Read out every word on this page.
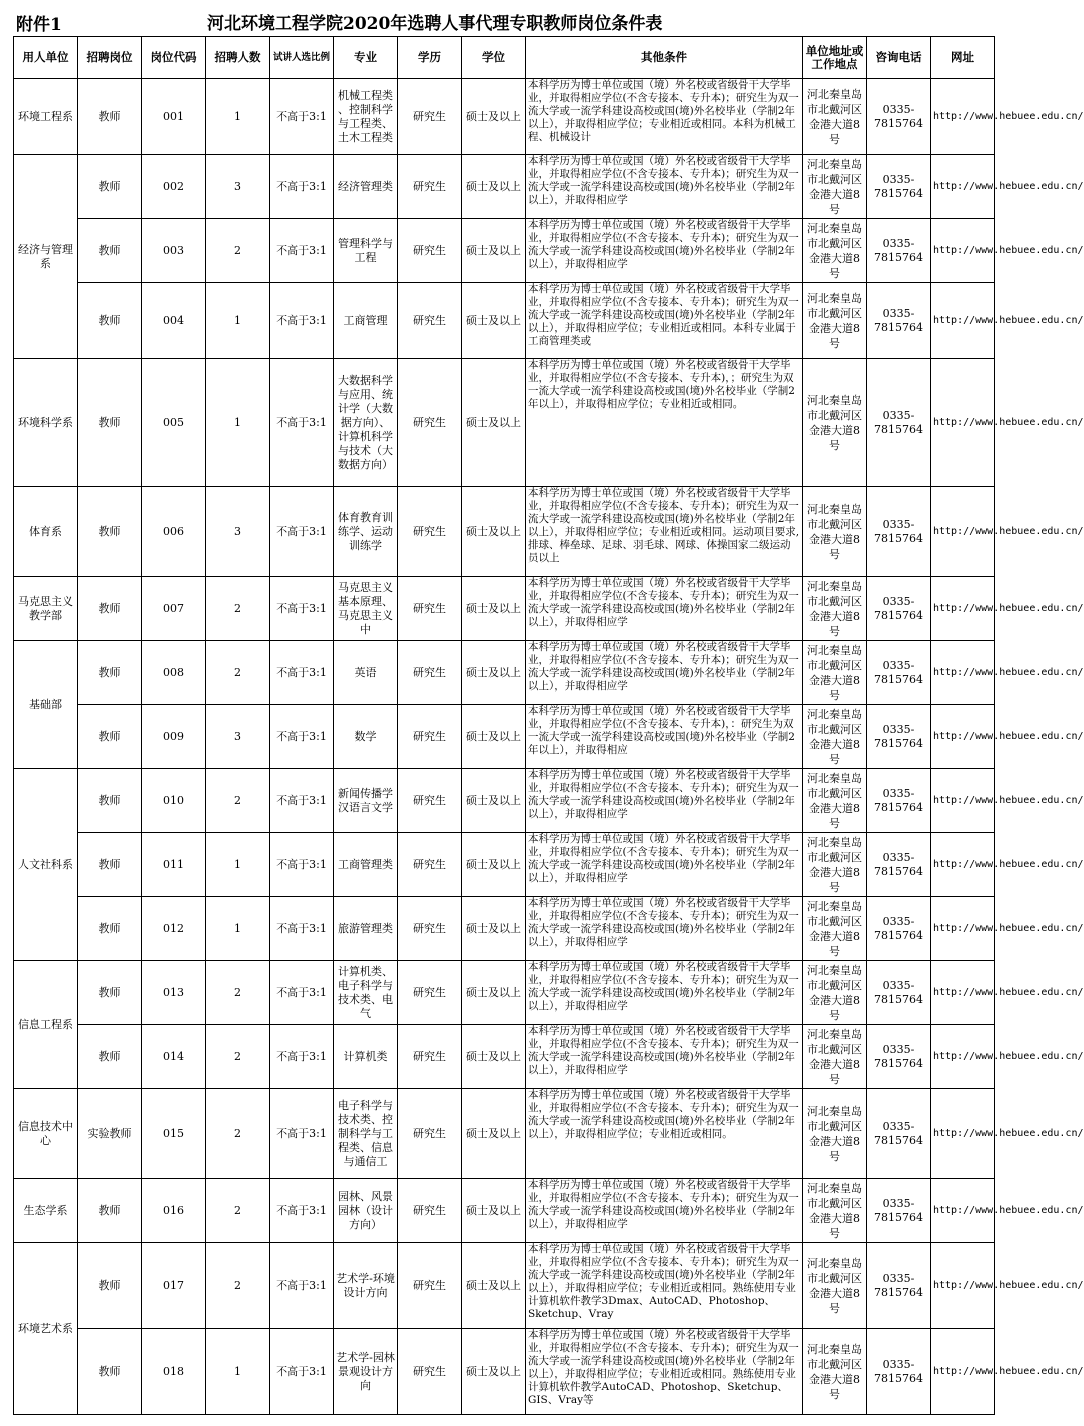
附件1	河北环境工程学院2020年选聘人事代理专职教师岗位条件表
用人单位	招聘岗位	岗位代码	招聘人数	试讲人选比例	专业	学历	学位	其他条件	单位地址或工作地点	咨询电话	网址
环境工程系	教师	001	1	不高于3:1	机械工程类 、控制科学与工程类、土木工程类	研究生	硕士及以上	本科学历为博士单位或国（境）外名校或省级骨干大学毕业，并取得相应学位(不含专接本、专升本)；研究生为双一流大学或一流学科建设高校或国(境)外名校毕业（学制2年以上），并取得相应学位；专业相近或相同。本科为机械工程、机械设计	河北秦皇岛市北戴河区金港大道8号	0335-7815764	http://www.hebuee.edu.cn/
经济与管理系	教师	002	3	不高于3:1	经济管理类	研究生	硕士及以上	本科学历为博士单位或国（境）外名校或省级骨干大学毕业，并取得相应学位(不含专接本、专升本)；研究生为双一流大学或一流学科建设高校或国(境)外名校毕业（学制2年以上），并取得相应学	河北秦皇岛市北戴河区金港大道8号	0335-7815764	http://www.hebuee.edu.cn/
	教师	003	2	不高于3:1	管理科学与工程	研究生	硕士及以上	本科学历为博士单位或国（境）外名校或省级骨干大学毕业，并取得相应学位(不含专接本、专升本)；研究生为双一流大学或一流学科建设高校或国(境)外名校毕业（学制2年以上），并取得相应学	河北秦皇岛市北戴河区金港大道8号	0335-7815764	http://www.hebuee.edu.cn/
	教师	004	1	不高于3:1	工商管理	研究生	硕士及以上	本科学历为博士单位或国（境）外名校或省级骨干大学毕业，并取得相应学位(不含专接本、专升本)；研究生为双一流大学或一流学科建设高校或国(境)外名校毕业（学制2年以上），并取得相应学位；专业相近或相同。本科专业属于工商管理类或	河北秦皇岛市北戴河区金港大道8号	0335-7815764	http://www.hebuee.edu.cn/
环境科学系	教师	005	1	不高于3:1	大数据科学与应用、统计学（大数据方向）、计算机科学与技术（大数据方向）	研究生	硕士及以上	本科学历为博士单位或国（境）外名校或省级骨干大学毕业，并取得相应学位(不含专接本、专升本)，；研究生为双一流大学或一流学科建设高校或国(境)外名校毕业（学制2年以上），并取得相应学位；专业相近或相同。	河北秦皇岛市北戴河区金港大道8号	0335-7815764	http://www.hebuee.edu.cn/
体育系	教师	006	3	不高于3:1	体育教育训练学、运动训练学	研究生	硕士及以上	本科学历为博士单位或国（境）外名校或省级骨干大学毕业，并取得相应学位(不含专接本、专升本)；研究生为双一流大学或一流学科建设高校或国(境)外名校毕业（学制2年以上），并取得相应学位；专业相近或相同。运动项目要求,排球、棒垒球、足球、羽毛球、网球、体操国家二级运动员以上	河北秦皇岛市北戴河区金港大道8号	0335-7815764	http://www.hebuee.edu.cn/
马克思主义教学部	教师	007	2	不高于3:1	马克思主义基本原理、马克思主义中	研究生	硕士及以上	本科学历为博士单位或国（境）外名校或省级骨干大学毕业，并取得相应学位(不含专接本、专升本)；研究生为双一流大学或一流学科建设高校或国(境)外名校毕业（学制2年以上），并取得相应学	河北秦皇岛市北戴河区金港大道8号	0335-7815764	http://www.hebuee.edu.cn/
基础部	教师	008	2	不高于3:1	英语	研究生	硕士及以上	本科学历为博士单位或国（境）外名校或省级骨干大学毕业，并取得相应学位(不含专接本、专升本)；研究生为双一流大学或一流学科建设高校或国(境)外名校毕业（学制2年以上），并取得相应学	河北秦皇岛市北戴河区金港大道8号	0335-7815764	http://www.hebuee.edu.cn/
	教师	009	3	不高于3:1	数学	研究生	硕士及以上	本科学历为博士单位或国（境）外名校或省级骨干大学毕业，并取得相应学位(不含专接本、专升本)，：研究生为双一流大学或一流学科建设高校或国(境)外名校毕业（学制2年以上），并取得相应	河北秦皇岛市北戴河区金港大道8号	0335-7815764	http://www.hebuee.edu.cn/
人文社科系	教师	010	2	不高于3:1	新闻传播学 汉语言文学	研究生	硕士及以上	本科学历为博士单位或国（境）外名校或省级骨干大学毕业，并取得相应学位(不含专接本、专升本)；研究生为双一流大学或一流学科建设高校或国(境)外名校毕业（学制2年以上），并取得相应学	河北秦皇岛市北戴河区金港大道8号	0335-7815764	http://www.hebuee.edu.cn/
	教师	011	1	不高于3:1	工商管理类	研究生	硕士及以上	本科学历为博士单位或国（境）外名校或省级骨干大学毕业，并取得相应学位(不含专接本、专升本)；研究生为双一流大学或一流学科建设高校或国(境)外名校毕业（学制2年以上），并取得相应学	河北秦皇岛市北戴河区金港大道8号	0335-7815764	http://www.hebuee.edu.cn/
	教师	012	1	不高于3:1	旅游管理类	研究生	硕士及以上	本科学历为博士单位或国（境）外名校或省级骨干大学毕业，并取得相应学位(不含专接本、专升本)；研究生为双一流大学或一流学科建设高校或国(境)外名校毕业（学制2年以上），并取得相应学	河北秦皇岛市北戴河区金港大道8号	0335-7815764	http://www.hebuee.edu.cn/
信息工程系	教师	013	2	不高于3:1	计算机类、电子科学与技术类、电气	研究生	硕士及以上	本科学历为博士单位或国（境）外名校或省级骨干大学毕业，并取得相应学位(不含专接本、专升本)；研究生为双一流大学或一流学科建设高校或国(境)外名校毕业（学制2年以上），并取得相应学	河北秦皇岛市北戴河区金港大道8号	0335-7815764	http://www.hebuee.edu.cn/
	教师	014	2	不高于3:1	计算机类	研究生	硕士及以上	本科学历为博士单位或国（境）外名校或省级骨干大学毕业，并取得相应学位(不含专接本、专升本)；研究生为双一流大学或一流学科建设高校或国(境)外名校毕业（学制2年以上），并取得相应学	河北秦皇岛市北戴河区金港大道8号	0335-7815764	http://www.hebuee.edu.cn/
信息技术中心	实验教师	015	2	不高于3:1	电子科学与技术类、控制科学与工程类、信息与通信工	研究生	硕士及以上	本科学历为博士单位或国（境）外名校或省级骨干大学毕业，并取得相应学位(不含专接本、专升本)；研究生为双一流大学或一流学科建设高校或国(境)外名校毕业（学制2年以上），并取得相应学位；专业相近或相同。	河北秦皇岛市北戴河区金港大道8号	0335-7815764	http://www.hebuee.edu.cn/
生态学系	教师	016	2	不高于3:1	园林、风景园林（设计方向）	研究生	硕士及以上	本科学历为博士单位或国（境）外名校或省级骨干大学毕业，并取得相应学位(不含专接本、专升本)；研究生为双一流大学或一流学科建设高校或国(境)外名校毕业（学制2年以上），并取得相应学	河北秦皇岛市北戴河区金港大道8号	0335-7815764	http://www.hebuee.edu.cn/
环境艺术系	教师	017	2	不高于3:1	艺术学-环境设计方向	研究生	硕士及以上	本科学历为博士单位或国（境）外名校或省级骨干大学毕业，并取得相应学位(不含专接本、专升本)；研究生为双一流大学或一流学科建设高校或国(境)外名校毕业（学制2年以上），并取得相应学位；专业相近或相同。熟练使用专业计算机软件教学3Dmax、AutoCAD、Photoshop、Sketchup、Vray	河北秦皇岛市北戴河区金港大道8号	0335-7815764	http://www.hebuee.edu.cn/
	教师	018	1	不高于3:1	艺术学-园林景观设计方向	研究生	硕士及以上	本科学历为博士单位或国（境）外名校或省级骨干大学毕业，并取得相应学位(不含专接本、专升本)；研究生为双一流大学或一流学科建设高校或国(境)外名校毕业（学制2年以上），并取得相应学位；专业相近或相同。熟练使用专业计算机软件教学AutoCAD、Photoshop、Sketchup、GIS、Vray等	河北秦皇岛市北戴河区金港大道8号	0335-7815764	http://www.hebuee.edu.cn/
